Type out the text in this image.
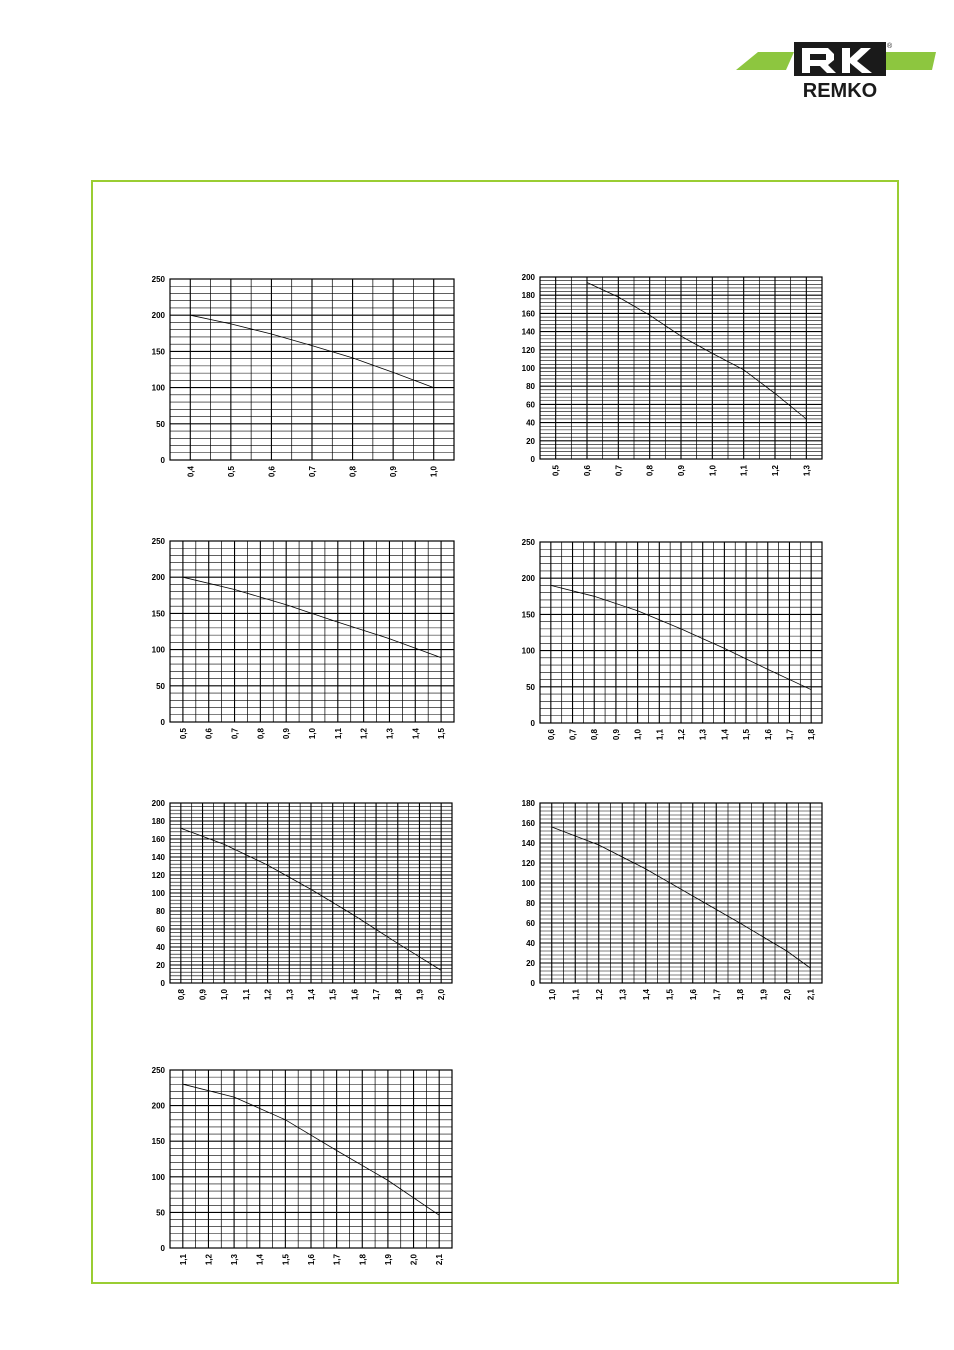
®
REMKO
0
50
100
150
200
250
0,4	0,5	0,6	0,7	0,8	0,9	1,0
0
20
40
60
80
100
120
140
160
180
200
0,5	0,6	0,7	0,8	0,9	1,0	1,1	1,2	1,3
0
50
100
150
200
250
0,5 0,6 0,7 0,8 0,9 1,0 1,1 1,2 1,3 1,4 1,5
0
50
100
150
200
250
0,6 0,7 0,8 0,9 1,0 1,1 1,2 1,3 1,4 1,5 1,6 1,7 1,8
0
20
40
60
80
100
120
140
160
180
200
0,8 0,9 1,0 1,1 1,2 1,3 1,4 1,5 1,6 1,7 1,8 1,9 2,0
0
20
40
60
80
100
120
140
160
180
1,0 1,1 1,2 1,3 1,4 1,5 1,6 1,7 1,8 1,9 2,0 2,1
0
50
100
150
200
250
1,1 1,2 1,3 1,4 1,5 1,6 1,7 1,8 1,9 2,0 2,1
